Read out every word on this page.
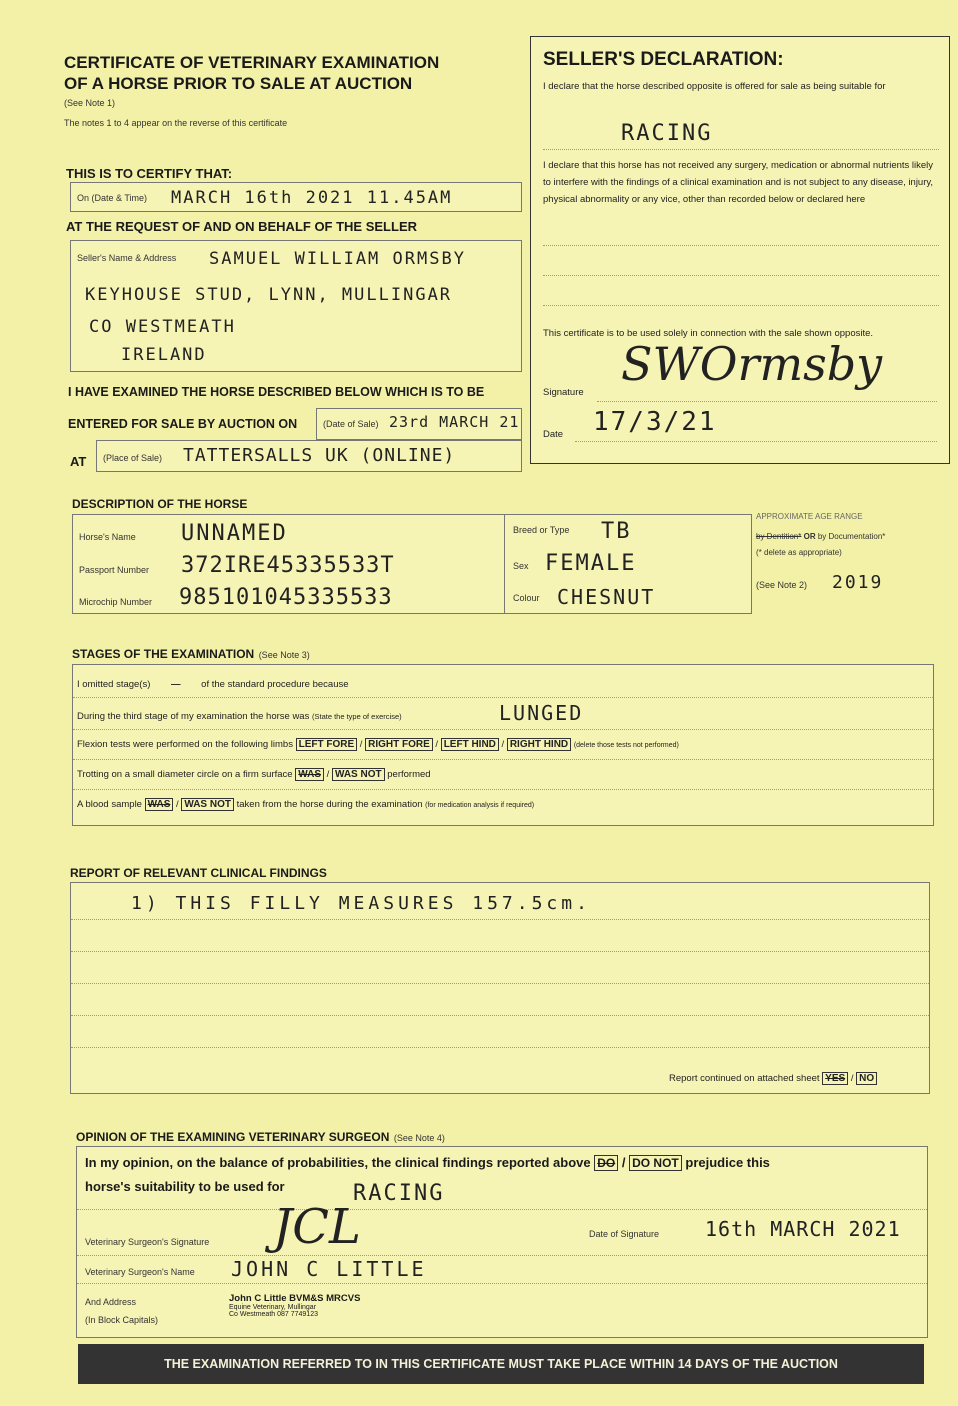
CERTIFICATE OF VETERINARY EXAMINATION
OF A HORSE PRIOR TO SALE AT AUCTION
(See Note 1)
The notes 1 to 4 appear on the reverse of this certificate
THIS IS TO CERTIFY THAT:
On (Date & Time) MARCH 16th 2021 11.45AM
AT THE REQUEST OF AND ON BEHALF OF THE SELLER
Seller's Name & Address SAMUEL WILLIAM ORMSBY
KEYHOUSE STUD, LYNN, MULLINGAR
CO WESTMEATH
IRELAND
I HAVE EXAMINED THE HORSE DESCRIBED BELOW WHICH IS TO BE
ENTERED FOR SALE BY AUCTION ON	(Date of Sale) 23rd MARCH 21
AT (Place of Sale) TATTERSALLS UK (ONLINE)
SELLER'S DECLARATION:
I declare that the horse described opposite is offered for sale as being suitable for
RACING
I declare that this horse has not received any surgery, medication or abnormal nutrients likely to interfere with the findings of a clinical examination and is not subject to any disease, injury, physical abnormality or any vice, other than recorded below or declared here
This certificate is to be used solely in connection with the sale shown opposite.
Signature
SWOrmsby
Date 17/3/21
DESCRIPTION OF THE HORSE
Horse's Name UNNAMED
Passport Number 372IRE45335533T
Microchip Number 985101045335533
Breed or Type TB
Sex FEMALE
Colour CHESNUT
APPROXIMATE AGE RANGE
by Dentition* OR by Documentation*
(* delete as appropriate)
(See Note 2) 2019
STAGES OF THE EXAMINATION (See Note 3)
I omitted stage(s) — of the standard procedure because
During the third stage of my examination the horse was (State the type of exercise)	LUNGED
Flexion tests were performed on the following limbs LEFT FORE / RIGHT FORE / LEFT HIND / RIGHT HIND (delete those tests not performed)
Trotting on a small diameter circle on a firm surface WAS / WAS NOT performed
A blood sample WAS / WAS NOT taken from the horse during the examination (for medication analysis if required)
REPORT OF RELEVANT CLINICAL FINDINGS
1) THIS FILLY MEASURES 157.5cm.
Report continued on attached sheet YES / NO
OPINION OF THE EXAMINING VETERINARY SURGEON (See Note 4)
In my opinion, on the balance of probabilities, the clinical findings reported above DO / DO NOT prejudice this
horse's suitability to be used for	RACING
Veterinary Surgeon's Signature JCL	Date of Signature 16th MARCH 2021
Veterinary Surgeon's Name JOHN C LITTLE
And Address
(In Block Capitals)
John C Little BVM&S MRCVS
Equine Veterinary, Mullingar
Co Westmeath 087 7749123
THE EXAMINATION REFERRED TO IN THIS CERTIFICATE MUST TAKE PLACE WITHIN 14 DAYS OF THE AUCTION
